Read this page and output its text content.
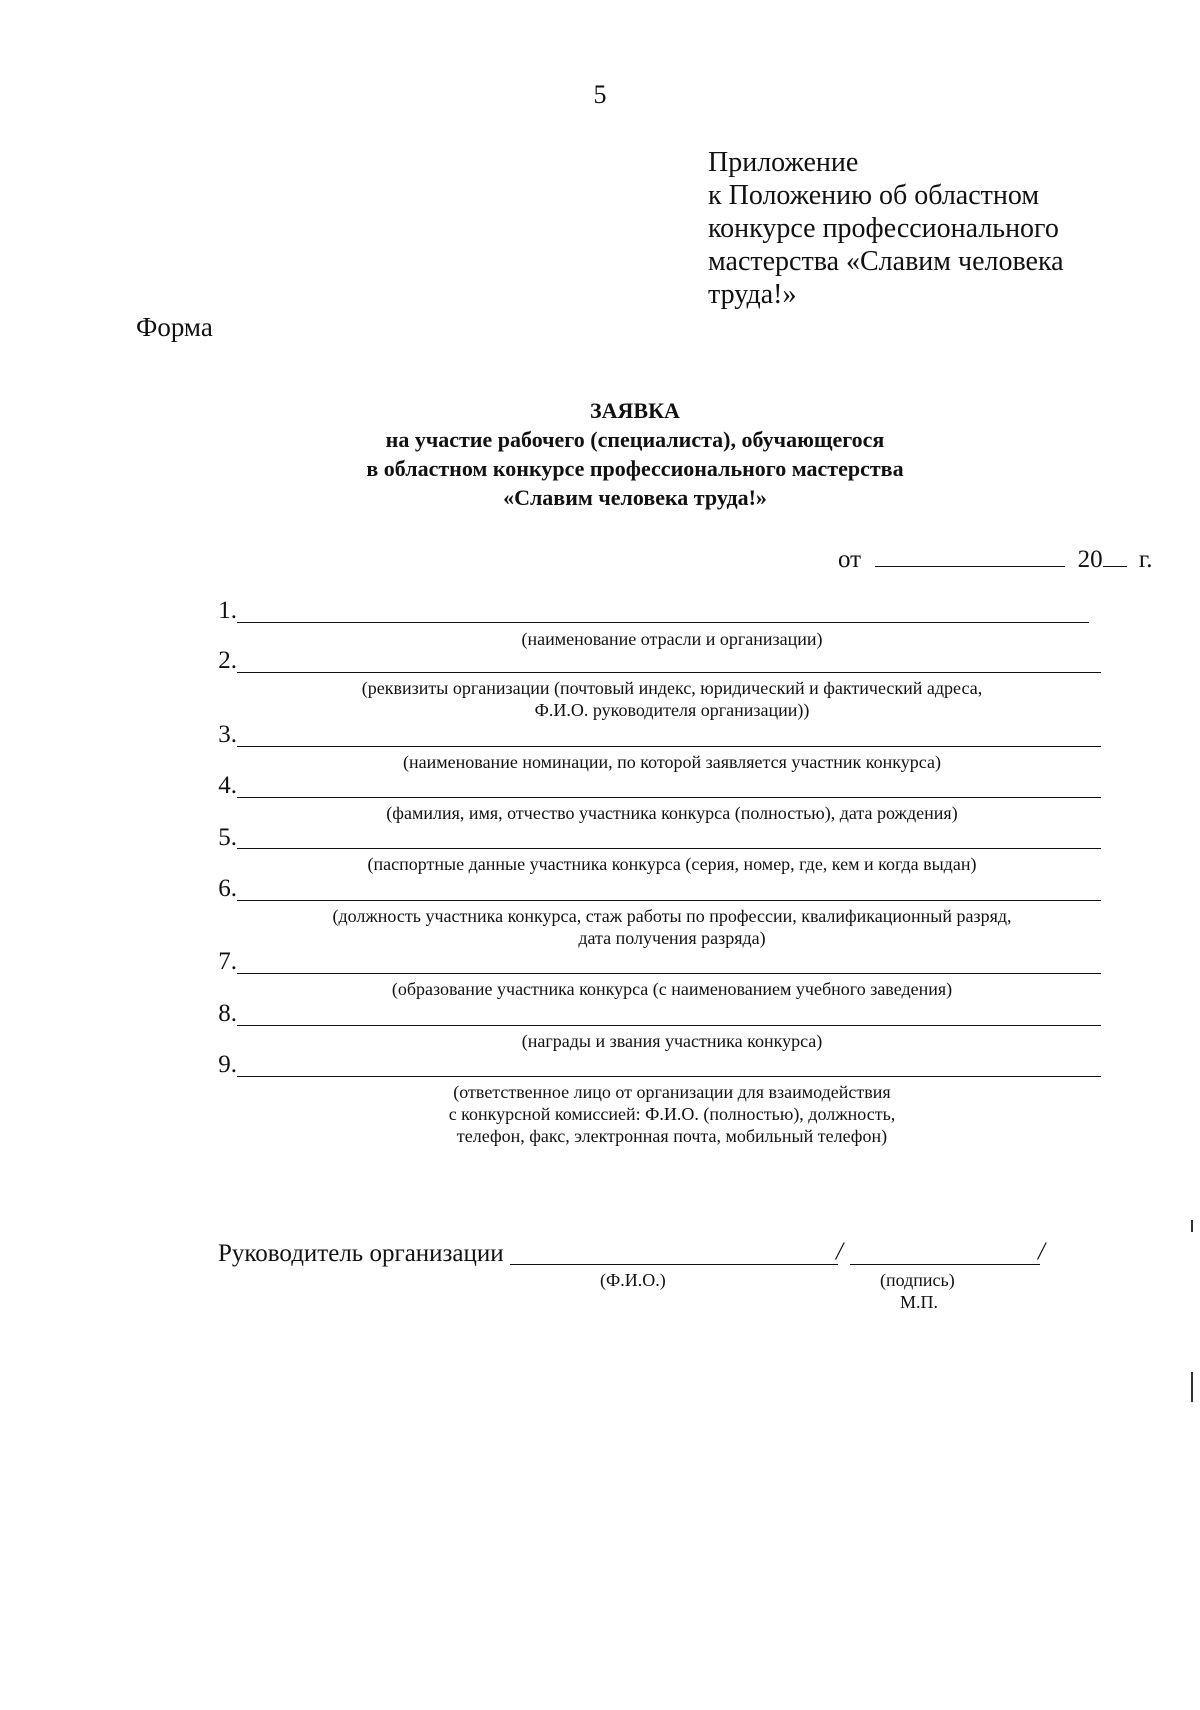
5
Приложение
к Положению об областном
конкурсе профессионального
мастерства «Славим человека
труда!»
Форма
ЗАЯВКА
на участие рабочего (специалиста), обучающегося
в областном конкурсе профессионального мастерства
«Славим человека труда!»
от	20 г.
1.
(наименование отрасли и организации)
2.
(реквизиты организации (почтовый индекс, юридический и фактический адреса,
Ф.И.О. руководителя организации))
3.
(наименование номинации, по которой заявляется участник конкурса)
4.
(фамилия, имя, отчество участника конкурса (полностью), дата рождения)
5.
(паспортные данные участника конкурса (серия, номер, где, кем и когда выдан)
6.
(должность участника конкурса, стаж работы по профессии, квалификационный разряд,
дата получения разряда)
7.
(образование участника конкурса (с наименованием учебного заведения)
8.
(награды и звания участника конкурса)
9.
(ответственное лицо от организации для взаимодействия
с конкурсной комиссией: Ф.И.О. (полностью), должность,
телефон, факс, электронная почта, мобильный телефон)
Руководитель организации	/	/
(Ф.И.О.)	(подпись)
М.П.
